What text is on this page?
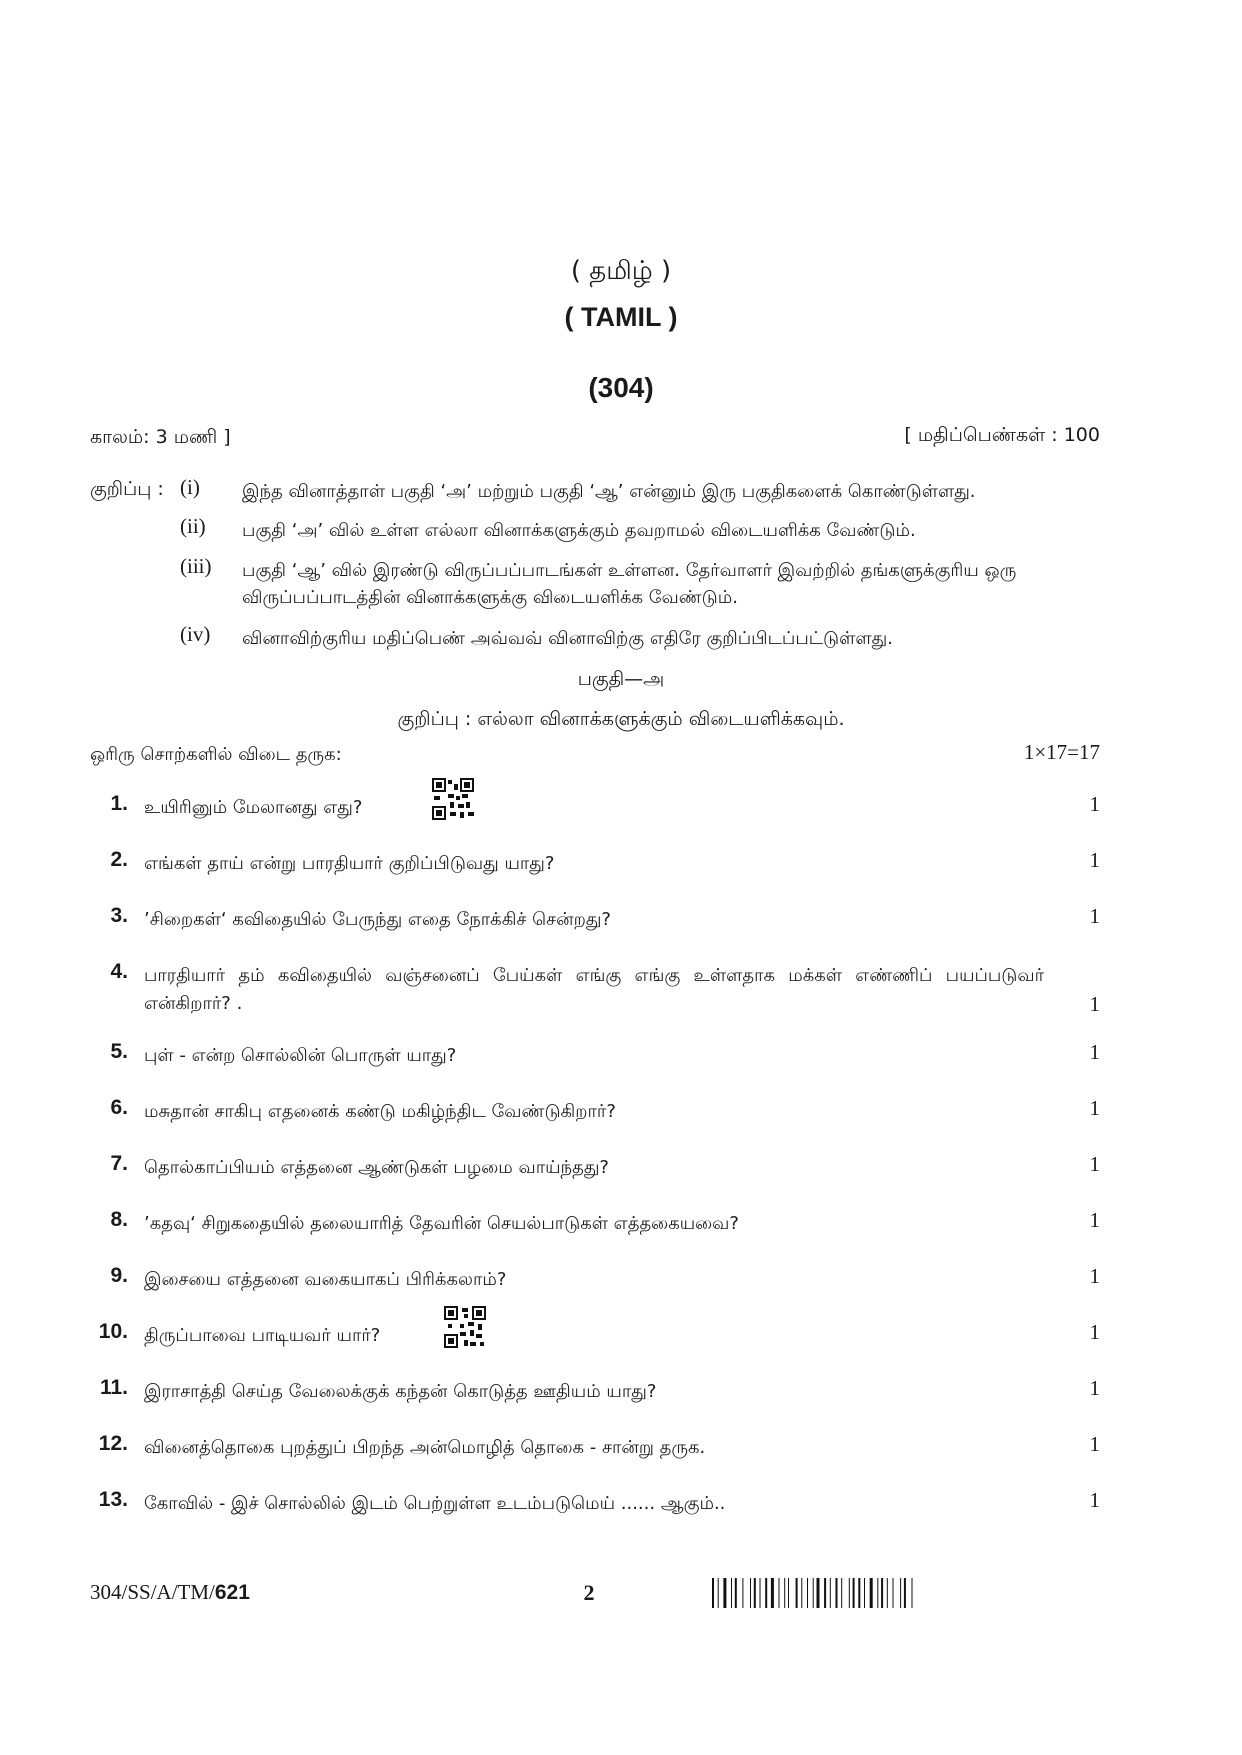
( தமிழ் )
( TAMIL )
(304)
காலம்: 3 மணி ]	[ மதிப்பெண்கள் : 100
குறிப்பு : (i) இந்த வினாத்தாள் பகுதி ‘அ’ மற்றும் பகுதி ‘ஆ’ என்னும் இரு பகுதிகளைக் கொண்டுள்ளது.
(ii) பகுதி ‘அ’ வில் உள்ள எல்லா வினாக்களுக்கும் தவறாமல் விடையளிக்க வேண்டும்.
(iii) பகுதி ‘ஆ’ வில் இரண்டு விருப்பப்பாடங்கள் உள்ளன. தேர்வாளர் இவற்றில் தங்களுக்குரிய ஒரு விருப்பப்பாடத்தின் வினாக்களுக்கு விடையளிக்க வேண்டும்.
(iv) வினாவிற்குரிய மதிப்பெண் அவ்வவ் வினாவிற்கு எதிரே குறிப்பிடப்பட்டுள்ளது.
பகுதி—அ
குறிப்பு : எல்லா வினாக்களுக்கும் விடையளிக்கவும்.
ஒரிரு சொற்களில் விடை தருக:	1×17=17
1. உயிரினும் மேலானது எது?	1
2. எங்கள் தாய் என்று பாரதியார் குறிப்பிடுவது யாது?	1
3. ’சிறைகள்‘ கவிதையில் பேருந்து எதை நோக்கிச் சென்றது?	1
4. பாரதியார் தம் கவிதையில் வஞ்சனைப் பேய்கள் எங்கு எங்கு உள்ளதாக மக்கள் எண்ணிப் பயப்படுவர் என்கிறார்? .	1
5. புள் - என்ற சொல்லின் பொருள் யாது?	1
6. மசுதான் சாகிபு எதனைக் கண்டு மகிழ்ந்திட வேண்டுகிறார்?	1
7. தொல்காப்பியம் எத்தனை ஆண்டுகள் பழமை வாய்ந்தது?	1
8. ’கதவு‘ சிறுகதையில் தலையாரித் தேவரின் செயல்பாடுகள் எத்தகையவை?	1
9. இசையை எத்தனை வகையாகப் பிரிக்கலாம்?	1
10. திருப்பாவை பாடியவர் யார்?	1
11. இராசாத்தி செய்த வேலைக்குக் கந்தன் கொடுத்த ஊதியம் யாது?	1
12. வினைத்தொகை புறத்துப் பிறந்த அன்மொழித் தொகை - சான்று தருக.	1
13. கோவில் - இச் சொல்லில் இடம் பெற்றுள்ள உடம்படுமெய் ...... ஆகும்..	1
304/SS/A/TM/621	2
